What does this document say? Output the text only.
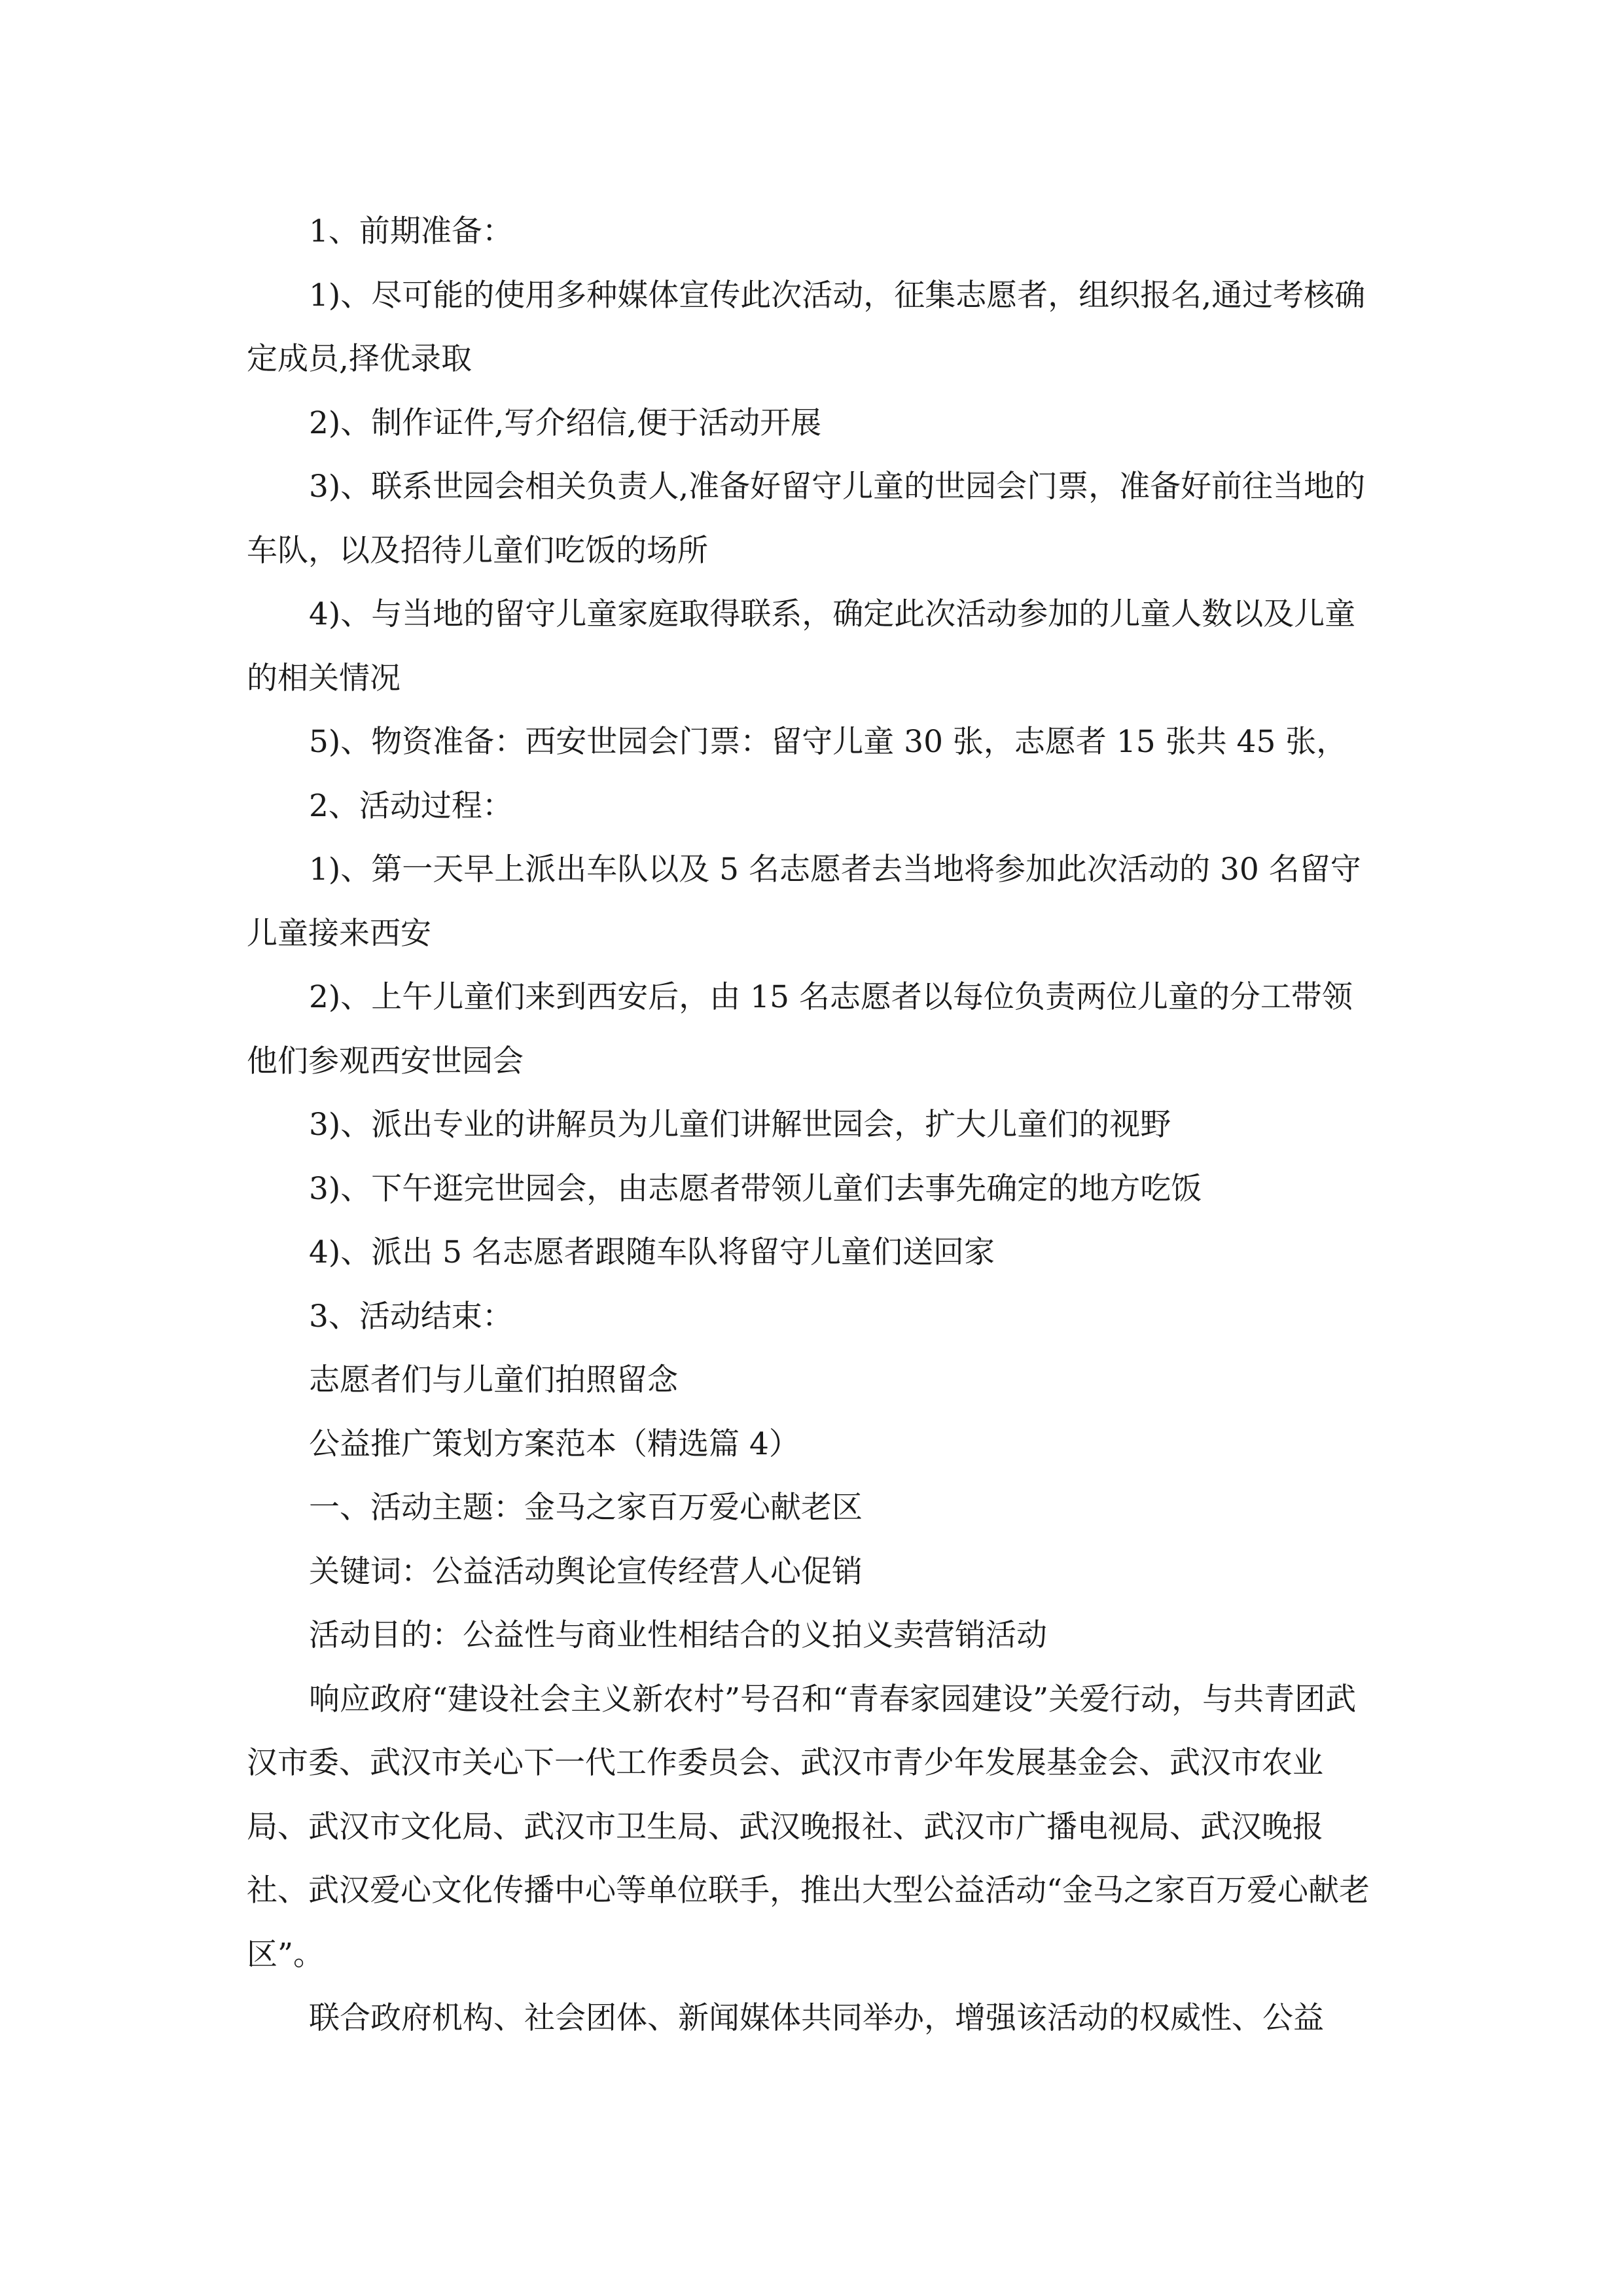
1、前期准备：

1)、尽可能的使用多种媒体宣传此次活动，征集志愿者，组织报名,通过考核确定成员,择优录取

2)、制作证件,写介绍信,便于活动开展

3)、联系世园会相关负责人,准备好留守儿童的世园会门票，准备好前往当地的车队，以及招待儿童们吃饭的场所

4)、与当地的留守儿童家庭取得联系，确定此次活动参加的儿童人数以及儿童的相关情况

5)、物资准备：西安世园会门票：留守儿童 30 张，志愿者 15 张共 45 张，

2、活动过程：

1)、第一天早上派出车队以及 5 名志愿者去当地将参加此次活动的 30 名留守儿童接来西安

2)、上午儿童们来到西安后，由 15 名志愿者以每位负责两位儿童的分工带领他们参观西安世园会

3)、派出专业的讲解员为儿童们讲解世园会，扩大儿童们的视野

3)、下午逛完世园会，由志愿者带领儿童们去事先确定的地方吃饭

4)、派出 5 名志愿者跟随车队将留守儿童们送回家

3、活动结束：

志愿者们与儿童们拍照留念

公益推广策划方案范本（精选篇 4）

一、活动主题：金马之家百万爱心献老区

关键词：公益活动舆论宣传经营人心促销

活动目的：公益性与商业性相结合的义拍义卖营销活动

响应政府“建设社会主义新农村”号召和“青春家园建设”关爱行动，与共青团武汉市委、武汉市关心下一代工作委员会、武汉市青少年发展基金会、武汉市农业局、武汉市文化局、武汉市卫生局、武汉晚报社、武汉市广播电视局、武汉晚报社、武汉爱心文化传播中心等单位联手，推出大型公益活动“金马之家百万爱心献老区”。

联合政府机构、社会团体、新闻媒体共同举办，增强该活动的权威性、公益
